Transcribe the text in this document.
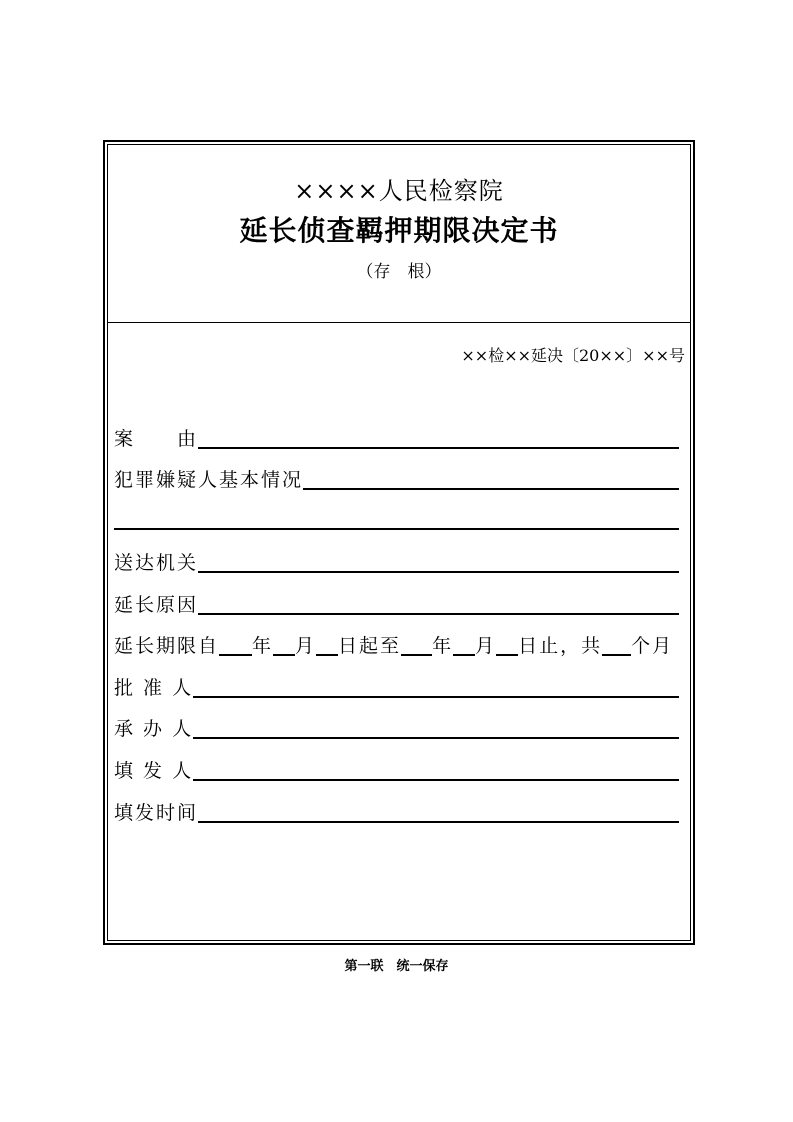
××××人民检察院
延长侦查羁押期限决定书
（存　根）
××检××延决〔20××〕××号
案　　由
犯罪嫌疑人基本情况
送达机关
延长原因
延长期限自 年 月 日起至 年 月 日止，共 个月
批 准 人
承 办 人
填 发 人
填发时间
第一联　统一保存
